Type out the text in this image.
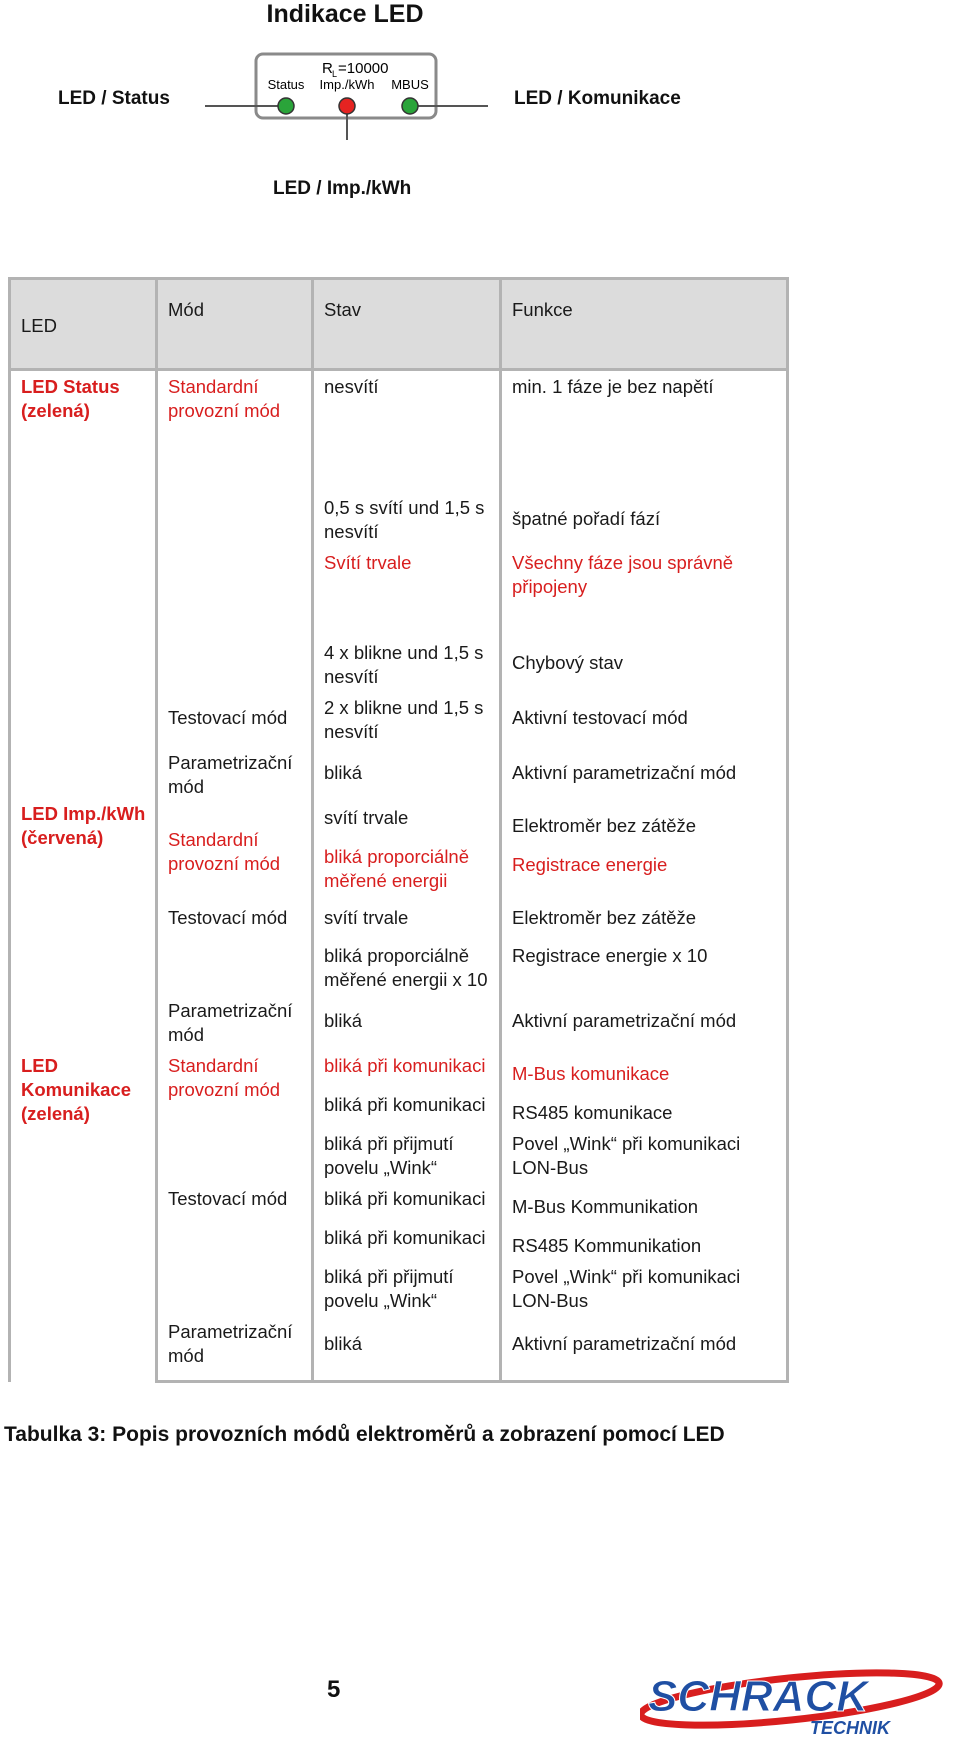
Indikace LED
R L =10000
Status Imp./kWh MBUS
LED / Status	LED / Komunikace
LED / Imp./kWh
LED	Mód	Stav	Funkce

LED Status
(zelená)	Standardní provozní mód	nesvítí	min. 1 fáze je bez napětí
		0,5 s svítí und 1,5 s nesvítí	špatné pořadí fází
		Svítí trvale	Všechny fáze jsou správně připojeny

LED Imp./kWh
(červená)		4 x blikne und 1,5 s nesvítí	Chybový stav
	Testovací mód	2 x blikne und 1,5 s nesvítí	Aktivní testovací mód
	Parametrizační mód	bliká	Aktivní parametrizační mód
	Standardní provozní mód	svítí trvale	Elektroměr bez zátěže
		bliká proporciálně měřené energii	Registrace energie
	Testovací mód	svítí trvale	Elektroměr bez zátěže
		bliká proporciálně měřené energii x 10	Registrace energie x 10
	Parametrizační mód	bliká	Aktivní parametrizační mód

LED Komunikace
(zelená)	Standardní provozní mód	bliká při komunikaci	M-Bus komunikace
		bliká při komunikaci	RS485 komunikace
		bliká při přijmutí povelu „Wink“	Povel „Wink“ při komunikaci LON-Bus
	Testovací mód	bliká při komunikaci	M-Bus Kommunikation
		bliká při komunikaci	RS485 Kommunikation
		bliká při přijmutí povelu „Wink“	Povel „Wink“ při komunikaci LON-Bus
	Parametrizační mód	bliká	Aktivní parametrizační mód
Tabulka 3: Popis provozních módů elektroměrů a zobrazení pomocí LED
5	SCHRACK
TECHNIK
